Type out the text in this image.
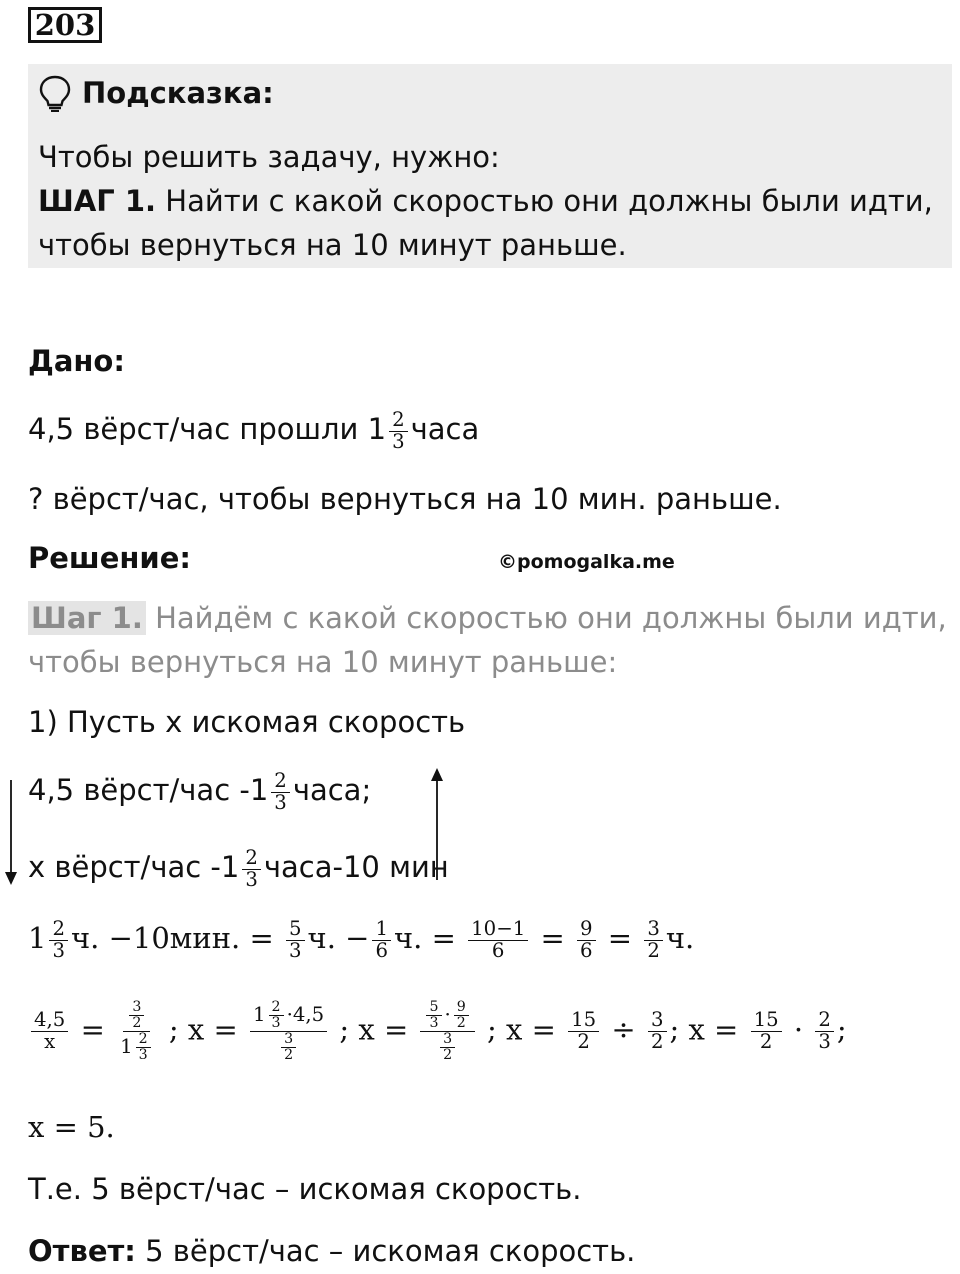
203
Подсказка:
Чтобы решить задачу, нужно:
ШАГ 1. Найти с какой скоростью они должны были идти,
чтобы вернуться на 10 минут раньше.
Дано:
4,5 вёрст/час прошли $1 \frac{2}{3}$ часа
? вёрст/час, чтобы вернуться на 10 мин. раньше.
Решение:	©pomogalka.me
Шаг 1. Найдём с какой скоростью они должны были идти,
чтобы вернуться на 10 минут раньше:
1) Пусть х искомая скорость
4,5 вёрст/час $-1 \frac{2}{3}$ часа;
х вёрст/час $-1 \frac{2}{3}$ часа-10 мин
$1 \frac{2}{3} ч$. −10мин. = $\frac{5}{3} ч$. − $\frac{1}{6} ч$. = $\frac{10-1}{6} = \frac{9}{6} = \frac{3}{2} ч$.
$\frac{4,5}{x} = \frac{\frac{3}{2}}{1 \frac{2}{3}}$ ; $x = \frac{1 \frac{2}{3} \cdot 4,5}{\frac{3}{2}}$ ; $x = \frac{\frac{5}{3} \cdot \frac{9}{2}}{\frac{3}{2}}$ ; $x = \frac{15}{2} \div \frac{3}{2}$ ; $x = \frac{15}{2} \cdot \frac{2}{3}$ ;
x = 5.
Т.е. 5 вёрст/час – искомая скорость.
Ответ: 5 вёрст/час – искомая скорость.
